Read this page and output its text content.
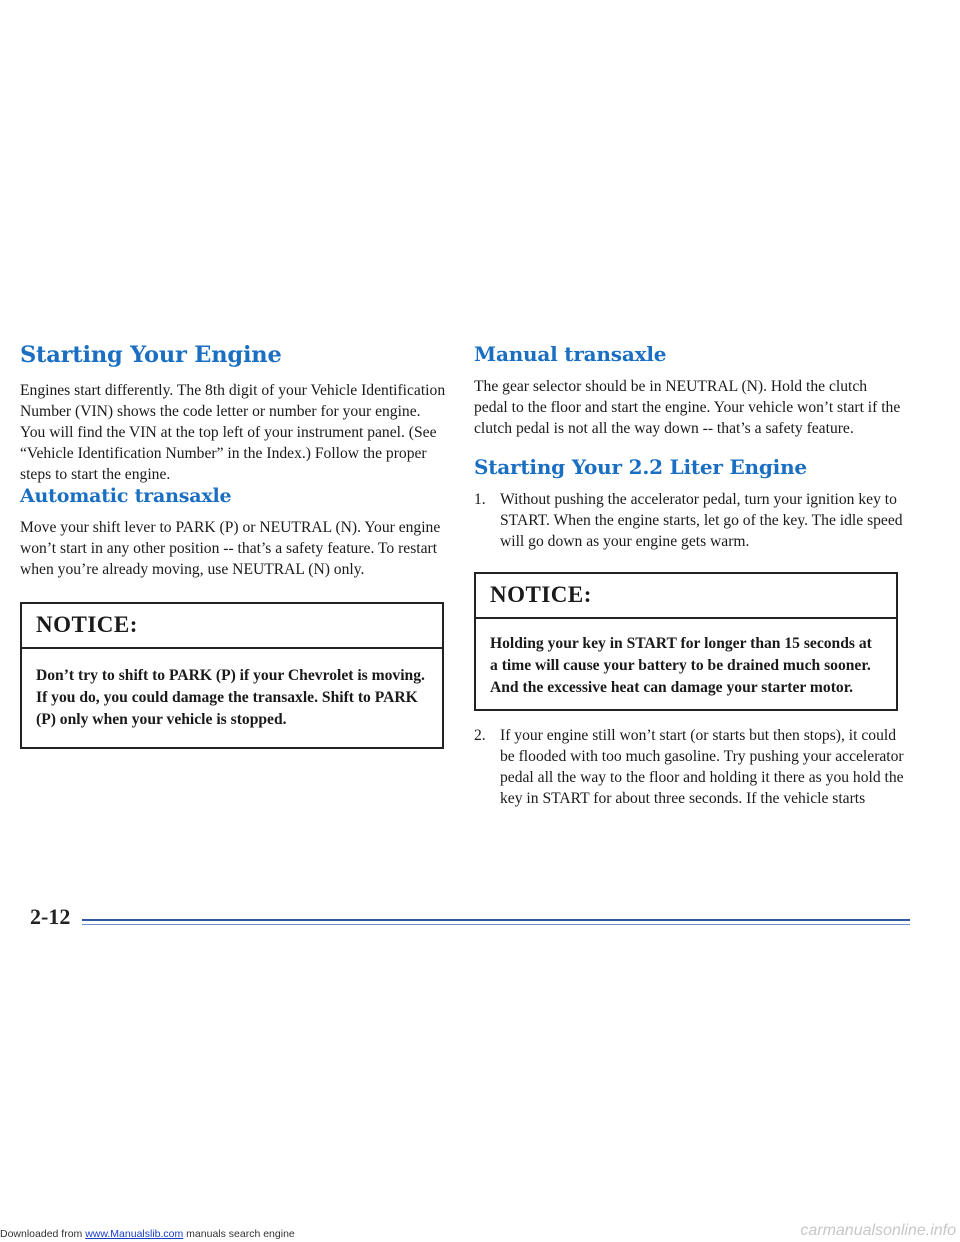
Starting Your Engine

Engines start differently. The 8th digit of your Vehicle Identification Number (VIN) shows the code letter or number for your engine. You will find the VIN at the top left of your instrument panel. (See “Vehicle Identification Number” in the Index.) Follow the proper steps to start the engine.

Automatic transaxle

Move your shift lever to PARK (P) or NEUTRAL (N). Your engine won’t start in any other position -- that’s a safety feature. To restart when you’re already moving, use NEUTRAL (N) only.

NOTICE:
Don’t try to shift to PARK (P) if your Chevrolet is moving. If you do, you could damage the transaxle. Shift to PARK (P) only when your vehicle is stopped.
Manual transaxle

The gear selector should be in NEUTRAL (N). Hold the clutch pedal to the floor and start the engine. Your vehicle won’t start if the clutch pedal is not all the way down -- that’s a safety feature.

Starting Your 2.2 Liter Engine
1. Without pushing the accelerator pedal, turn your ignition key to START. When the engine starts, let go of the key. The idle speed will go down as your engine gets warm.
NOTICE:
Holding your key in START for longer than 15 seconds at a time will cause your battery to be drained much sooner. And the excessive heat can damage your starter motor.
2. If your engine still won’t start (or starts but then stops), it could be flooded with too much gasoline. Try pushing your accelerator pedal all the way to the floor and holding it there as you hold the key in START for about three seconds. If the vehicle starts
2-12
Downloaded from www.Manualslib.com manuals search engine	carmanualsonline.info
